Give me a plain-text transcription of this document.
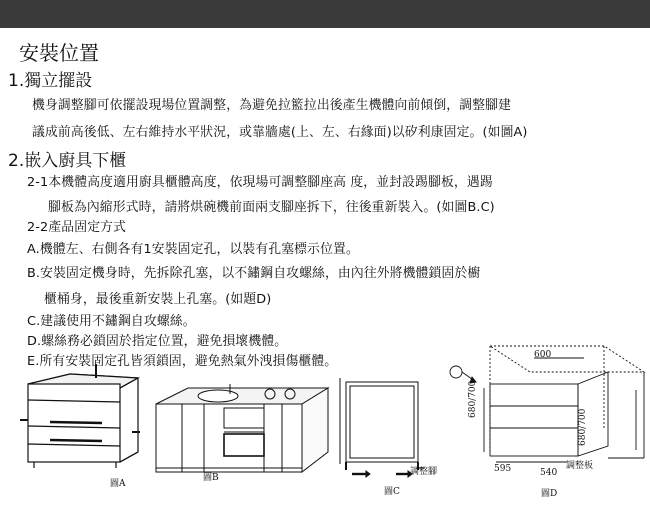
安裝位置
1.獨立擺設
機身調整腳可依擺設現場位置調整，為避免拉籃拉出後產生機體向前傾倒，調整腳建
議成前高後低、左右維持水平狀況，或靠牆處(上、左、右緣面)以矽利康固定。(如圖A)
2.嵌入廚具下櫃
2-1本機體高度適用廚具櫃體高度，依現場可調整腳座高 度，並封設踢腳板，遇踢
腳板為內縮形式時，請將烘碗機前面兩支腳座拆下，往後重新裝入。(如圖B.C)
2-2產品固定方式
A.機體左、右側各有1安裝固定孔，以裝有孔塞標示位置。
B.安裝固定機身時，先拆除孔塞，以不鏽鋼自攻螺絲，由內往外將機體鎖固於櫥
櫃桶身，最後重新安裝上孔塞。(如題D)
C.建議使用不鏽鋼自攻螺絲。
D.螺絲務必鎖固於指定位置，避免損壞機體。
E.所有安裝固定孔皆須鎖固，避免熱氣外洩損傷櫃體。
圖A
圖B
調整腳
圖C
600
680/700
680/700
595	540
調整板
圖D
